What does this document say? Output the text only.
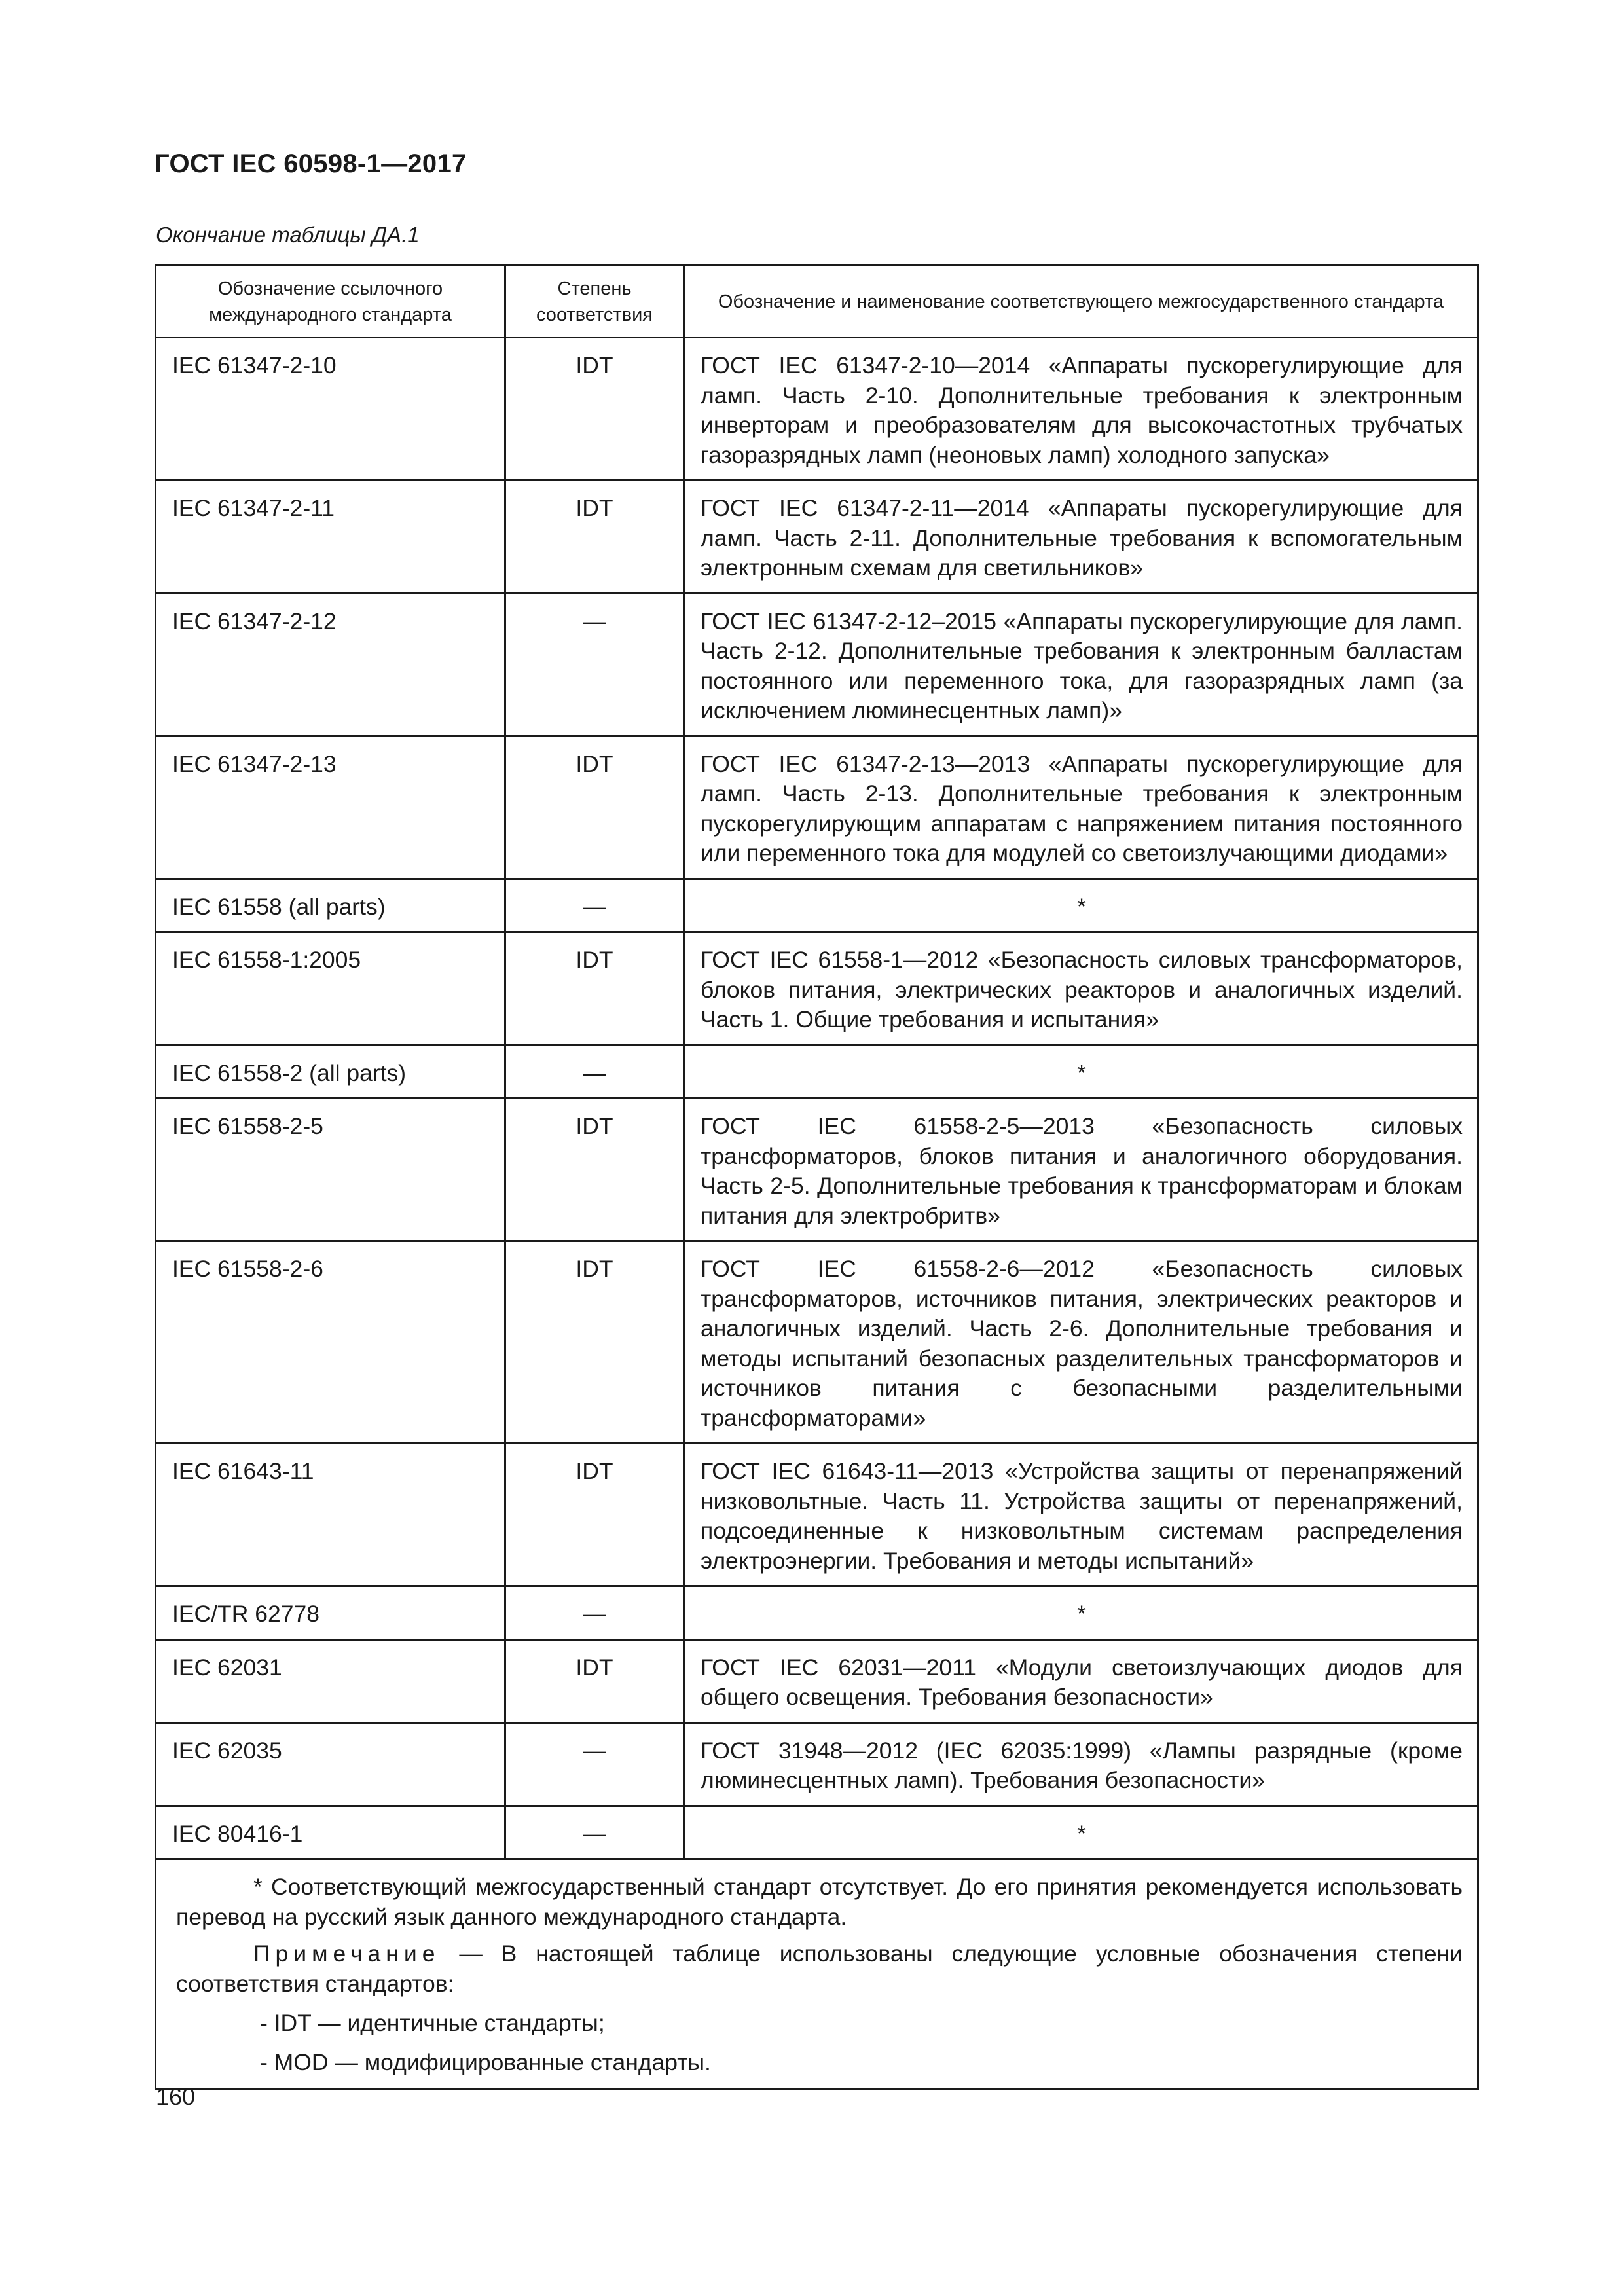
ГОСТ IEC 60598-1—2017
Окончание таблицы ДА.1
Обозначение ссылочного международного стандарта	Степень соответствия	Обозначение и наименование соответствующего межгосударственного стандарта
IEC 61347-2-10	IDT	ГОСТ IEC 61347-2-10—2014 «Аппараты пускорегулирующие для ламп. Часть 2-10. Дополнительные требования к электронным инверторам и преобразователям для высокочастотных трубчатых газоразрядных ламп (неоновых ламп) холодного запуска»
IEC 61347-2-11	IDT	ГОСТ IEC 61347-2-11—2014 «Аппараты пускорегулирующие для ламп. Часть 2-11. Дополнительные требования к вспомогательным электронным схемам для светильников»
IEC 61347-2-12	—	ГОСТ IEC 61347-2-12–2015 «Аппараты пускорегулирующие для ламп. Часть 2-12. Дополнительные требования к электронным балластам постоянного или переменного тока, для газоразрядных ламп (за исключением люминесцентных ламп)»
IEC 61347-2-13	IDT	ГОСТ IEC 61347-2-13—2013 «Аппараты пускорегулирующие для ламп. Часть 2-13. Дополнительные требования к электронным пускорегулирующим аппаратам с напряжением питания постоянного или переменного тока для модулей со светоизлучающими диодами»
IEC 61558 (all parts)	—	*
IEC 61558-1:2005	IDT	ГОСТ IEC 61558-1—2012 «Безопасность силовых трансформаторов, блоков питания, электрических реакторов и аналогичных изделий. Часть 1. Общие требования и испытания»
IEC 61558-2 (all parts)	—	*
IEC 61558-2-5	IDT	ГОСТ IEC 61558-2-5—2013 «Безопасность силовых трансформаторов, блоков питания и аналогичного оборудования. Часть 2-5. Дополнительные требования к трансформаторам и блокам питания для электробритв»
IEC 61558-2-6	IDT	ГОСТ IEC 61558-2-6—2012 «Безопасность силовых трансформаторов, источников питания, электрических реакторов и аналогичных изделий. Часть 2-6. Дополнительные требования и методы испытаний безопасных разделительных трансформаторов и источников питания с безопасными разделительными трансформаторами»
IEC 61643-11	IDT	ГОСТ IEC 61643-11—2013 «Устройства защиты от перенапряжений низковольтные. Часть 11. Устройства защиты от перенапряжений, подсоединенные к низковольтным системам распределения электроэнергии. Требования и методы испытаний»
IEC/TR 62778	—	*
IEC 62031	IDT	ГОСТ IEC 62031—2011 «Модули светоизлучающих диодов для общего освещения. Требования безопасности»
IEC 62035	—	ГОСТ 31948—2012 (IEC 62035:1999) «Лампы разрядные (кроме люминесцентных ламп). Требования безопасности»
IEC 80416-1	—	*

* Соответствующий межгосударственный стандарт отсутствует. До его принятия рекомендуется использовать перевод на русский язык данного международного стандарта.

Примечание — В настоящей таблице использованы следующие условные обозначения степени соответствия стандартов:

- IDT — идентичные стандарты;

- MOD — модифицированные стандарты.		

160
